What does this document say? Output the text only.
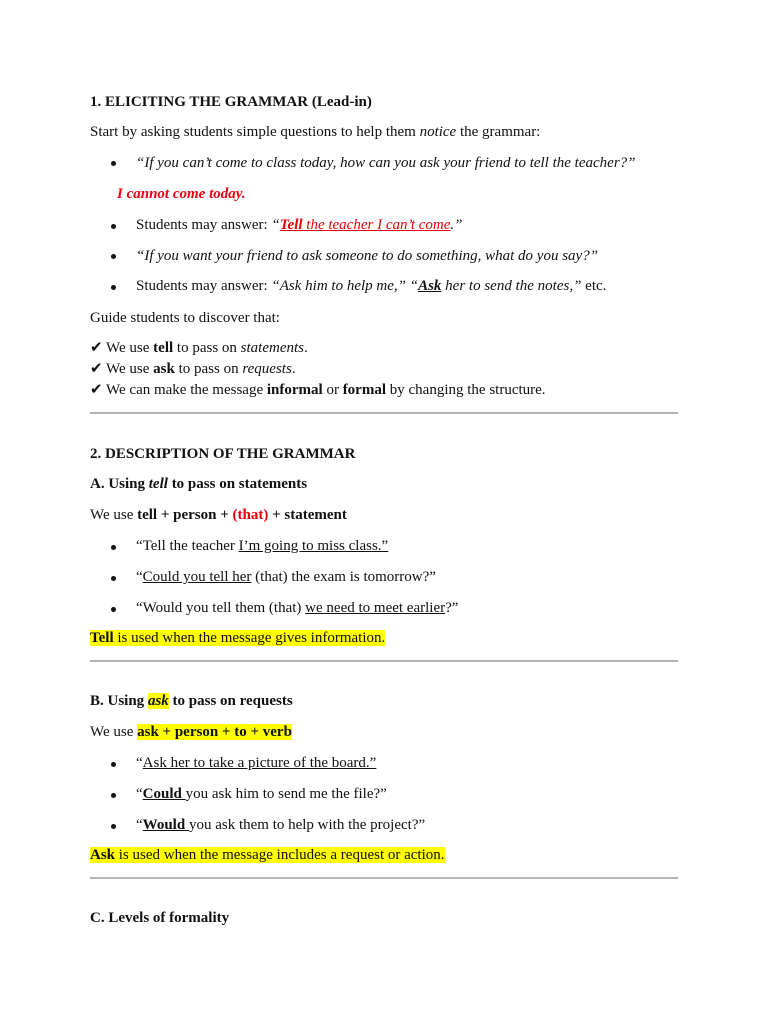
1. ELICITING THE GRAMMAR (Lead-in)
Start by asking students simple questions to help them notice the grammar:
“If you can’t come to class today, how can you ask your friend to tell the teacher?”
I cannot come today.
Students may answer: “Tell the teacher I can’t come.”
“If you want your friend to ask someone to do something, what do you say?”
Students may answer: “Ask him to help me,” “Ask her to send the notes,” etc.
Guide students to discover that:
✔ We use tell to pass on statements.
✔ We use ask to pass on requests.
✔ We can make the message informal or formal by changing the structure.
2. DESCRIPTION OF THE GRAMMAR
A. Using tell to pass on statements
We use tell + person + (that) + statement
“Tell the teacher I’m going to miss class.”
“Could you tell her (that) the exam is tomorrow?”
“Would you tell them (that) we need to meet earlier?”
Tell is used when the message gives information.
B. Using ask to pass on requests
We use ask + person + to + verb
“Ask her to take a picture of the board.”
“Could you ask him to send me the file?”
“Would you ask them to help with the project?”
Ask is used when the message includes a request or action.
C. Levels of formality
